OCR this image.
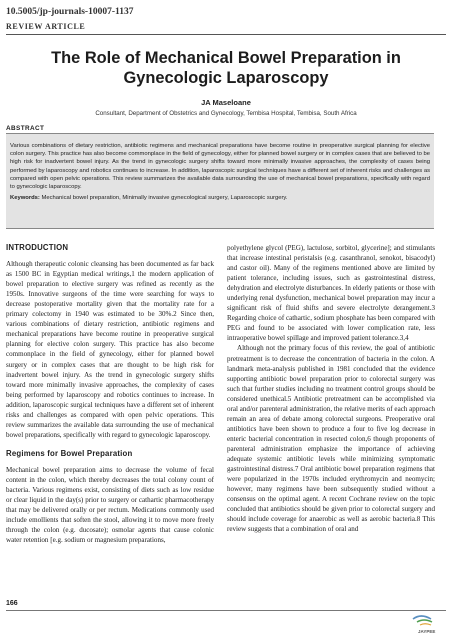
10.5005/jp-journals-10007-1137
REVIEW ARTICLE
The Role of Mechanical Bowel Preparation in
Gynecologic Laparoscopy
JA Maseloane
Consultant, Department of Obstetrics and Gynecology, Tembisa Hospital, Tembisa, South Africa
ABSTRACT
Various combinations of dietary restriction, antibiotic regimens and mechanical preparations have become routine in preoperative surgical planning for elective colon surgery. This practice has also become commonplace in the field of gynecology, either for planned bowel surgery or in complex cases that are believed to be high risk for inadvertent bowel injury. As the trend in gynecologic surgery shifts toward more minimally invasive approaches, the complexity of cases being performed by laparoscopy and robotics continues to increase. In addition, laparoscopic surgical techniques have a different set of inherent risks and challenges as compared with open pelvic operations. This review summarizes the available data surrounding the use of mechanical bowel preparations, specifically with regard to gynecologic laparoscopy.
Keywords: Mechanical bowel preparation, Minimally invasive gynecological surgery, Laparoscopic surgery.
INTRODUCTION

Although therapeutic colonic cleansing has been documented as far back as 1500 BC in Egyptian medical writings,1 the modern application of bowel preparation to elective surgery was refined as recently as the 1950s. Innovative surgeons of the time were searching for ways to decrease postoperative mortality given that the mortality rate for a primary colectomy in 1940 was estimated to be 30%.2 Since then, various combinations of dietary restriction, antibiotic regimens and mechanical preparations have become routine in preoperative surgical planning for elective colon surgery. This practice has also become commonplace in the field of gynecology, either for planned bowel surgery or in complex cases that are thought to be high risk for inadvertent bowel injury. As the trend in gynecologic surgery shifts toward more minimally invasive approaches, the complexity of cases being performed by laparoscopy and robotics continues to increase. In addition, laparoscopic surgical techniques have a different set of inherent risks and challenges as compared with open pelvic operations. This review summarizes the available data surrounding the use of mechanical bowel preparations, specifically with regard to gynecologic laparoscopy.

Regimens for Bowel Preparation

Mechanical bowel preparation aims to decrease the volume of fecal content in the colon, which thereby decreases the total colony count of bacteria. Various regimens exist, consisting of diets such as low residue or clear liquid in the day(s) prior to surgery or cathartic pharmacotherapy that may be delivered orally or per rectum. Medications commonly used include emollients that soften the stool, allowing it to move more freely through the colon (e.g. ducosate); osmolar agents that cause colonic water retention [e.g. sodium or magnesium preparations,

polyethylene glycol (PEG), lactulose, sorbitol, glycerine]; and stimulants that increase intestinal peristalsis (e.g. casanthranol, senokot, bisacodyl) and castor oil). Many of the regimens mentioned above are limited by patient tolerance, including issues, such as gastrointestinal distress, dehydration and electrolyte disturbances. In elderly patients or those with underlying renal dysfunction, mechanical bowel preparation may incur a significant risk of fluid shifts and severe electrolyte derangement.3 Regarding choice of cathartic, sodium phosphate has been compared with PEG and found to be associated with lower complication rate, less intraoperative bowel spillage and improved patient tolerance.3,4

Although not the primary focus of this review, the goal of antibiotic pretreatment is to decrease the concentration of bacteria in the colon. A landmark meta-analysis published in 1981 concluded that the evidence supporting antibiotic bowel preparation prior to colorectal surgery was such that further studies including no treatment control groups should be considered unethical.5 Antibiotic pretreatment can be accomplished via oral and/or parenteral administration, the relative merits of each approach remain an area of debate among colorectal surgeons. Preoperative oral antibiotics have been shown to produce a four to five log decrease in enteric bacterial concentration in resected colon,6 though proponents of parenteral administration emphasize the importance of achieving adequate systemic antibiotic levels while minimizing symptomatic gastrointestinal distress.7 Oral antibiotic bowel preparation regimens that were popularized in the 1970s included erythromycin and neomycin; however, many regimens have been subsequently studied without a consensus on the optimal agent. A recent Cochrane review on the topic concluded that antibiotics should be given prior to colorectal surgery and should include coverage for anaerobic as well as aerobic bacteria.8 This review suggests that a combination of oral and

166
JAYPEE
